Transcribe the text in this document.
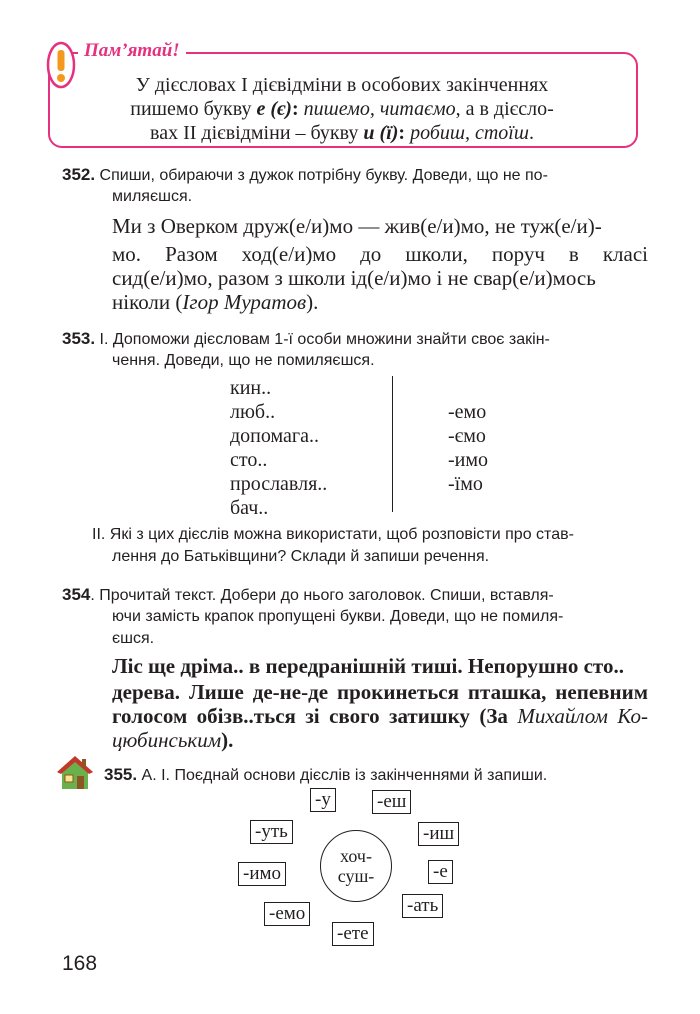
Пам’ятай!
У дієсловах І дієвідміни в особових закінченнях
пишемо букву е (є): пишемо, читаємо, а в дієсло-
вах ІІ дієвідміни – букву и (ї): робиш, стоїш.
352. Спиши, обираючи з дужок потрібну букву. Доведи, що не по-
миляєшся.
Ми з Оверком друж(е/и)мо — жив(е/и)мо, не туж(е/и)-
мо. Разом ход(е/и)мо до школи, поруч в класі
сид(е/и)мо, разом з школи ід(е/и)мо і не свар(е/и)мось
ніколи (Ігор Муратов).
353. І. Допоможи дієсловам 1-ї особи множини знайти своє закін-
чення. Доведи, що не помиляєшся.
кин..
люб..
допомага..
сто..
прославля..
бач..
-емо
-ємо
-имо
-їмо
ІІ. Які з цих дієслів можна використати, щоб розповісти про став-
лення до Батьківщини? Склади й запиши речення.
354. Прочитай текст. Добери до нього заголовок. Спиши, вставля-
ючи замість крапок пропущені букви. Доведи, що не помиля-
єшся.
Ліс ще дріма.. в передранішній тиші. Непорушно сто..
дерева. Лише де-не-де прокинеться пташка, непевним
голосом обізв..ться зі свого затишку (За Михайлом Ко-
цюбинським).
355. А. І. Поєднай основи дієслів із закінченнями й запиши.
хоч-
суш-
-у -еш
-уть	-иш
-имо	-е
-ать
-емо
-ете
168
